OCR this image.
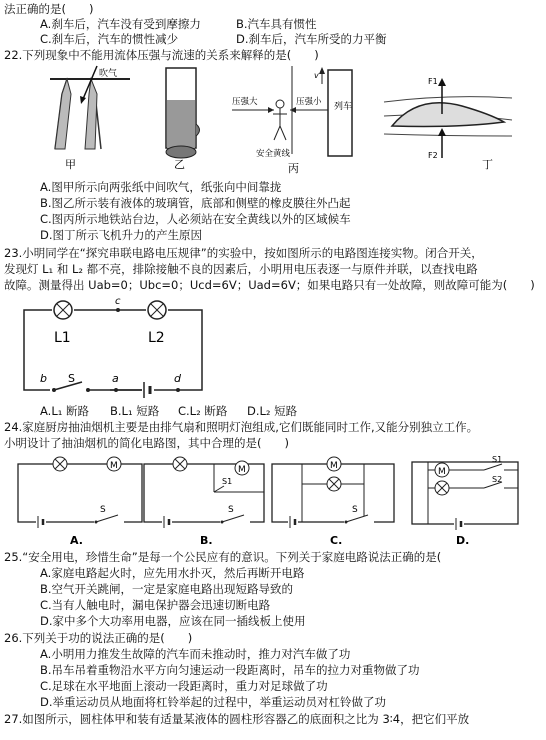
法正确的是(　　)
A.刹车后，汽车没有受到摩擦力	B.汽车具有惯性
C.刹车后，汽车的惯性减少	D.刹车后，汽车所受的力平衡
22.下列现象中不能用流体压强与流速的关系来解释的是(　　)
吹气
甲	乙
压强大	压强小 列车
v
安全黄线
丙
F1
F2
丁
A.图甲所示向两张纸中间吹气，纸张向中间靠拢
B.图乙所示装有液体的玻璃管，底部和侧壁的橡皮膜往外凸起
C.图丙所示地铁站台边，人必须站在安全黄线以外的区域候车
D.图丁所示飞机升力的产生原因
23.小明同学在“探究串联电路电压规律”的实验中，按如图所示的电路图连接实物。闭合开关，
发现灯 L₁ 和 L₂ 都不亮，排除接触不良的因素后，小明用电压表逐一与原件并联，以查找电路
故障。测量得出 Uab=0；Ubc=0；Ucd=6V；Uad=6V；如果电路只有一处故障，则故障可能为(　　)
c
L1	L2
b S	a	d
A.L₁ 断路 B.L₁ 短路 C.L₂ 断路 D.L₂ 短路
24.家庭厨房抽油烟机主要是由排气扇和照明灯泡组成,它们既能同时工作,又能分别独立工作。
小明设计了抽油烟机的简化电路图，其中合理的是(　　)
M
S
M
S1
S
M
S
M
S1
S2
A.	B.	C.	D.
25.“安全用电，珍惜生命”是每一个公民应有的意识。下列关于家庭电路说法正确的是(
A.家庭电路起火时，应先用水扑灭，然后再断开电路
B.空气开关跳闸，一定是家庭电路出现短路导致的
C.当有人触电时，漏电保护器会迅速切断电路
D.家中多个大功率用电器，应该在同一插线板上使用
26.下列关于功的说法正确的是(　　)
A.小明用力推发生故障的汽车而未推动时，推力对汽车做了功
B.吊车吊着重物沿水平方向匀速运动一段距离时，吊车的拉力对重物做了功
C.足球在水平地面上滚动一段距离时，重力对足球做了功
D.举重运动员从地面将杠铃举起的过程中，举重运动员对杠铃做了功
27.如图所示，圆柱体甲和装有适量某液体的圆柱形容器乙的底面积之比为 3∶4，把它们平放
